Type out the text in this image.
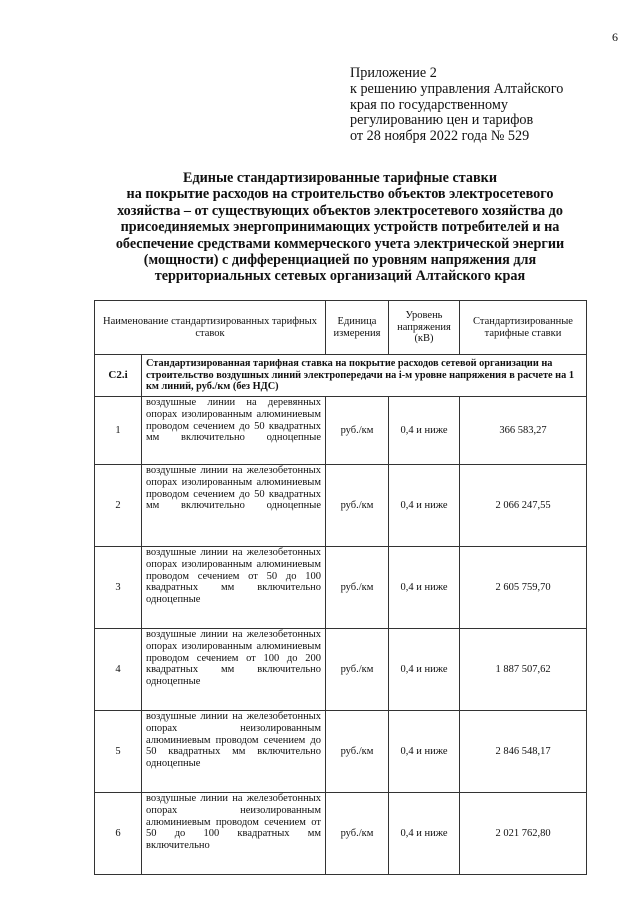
6
Приложение 2
к решению управления Алтайского
края по государственному
регулированию цен и тарифов
от 28 ноября 2022 года № 529
Единые стандартизированные тарифные ставки
на покрытие расходов на строительство объектов электросетевого
хозяйства – от существующих объектов электросетевого хозяйства до
присоединяемых энергопринимающих устройств потребителей и на
обеспечение средствами коммерческого учета электрической энергии
(мощности) с дифференциацией по уровням напряжения для
территориальных сетевых организаций Алтайского края
Наименование стандартизированных тарифных ставок		Единица измерения	Уровень напряжения (кВ)	Стандартизированные тарифные ставки
С2.i	Стандартизированная тарифная ставка на покрытие расходов сетевой организации на строительство воздушных линий электропередачи на i-м уровне напряжения в расчете на 1 км линий, руб./км (без НДС)			
1	воздушные линии на деревянных опорах изолированным алюминиевым проводом сечением до 50 квадратных мм включительно одноцепные	руб./км	0,4 и ниже	366 583,27
2	воздушные линии на железобетонных опорах изолированным алюминиевым проводом сечением до 50 квадратных мм включительно одноцепные	руб./км	0,4 и ниже	2 066 247,55
3	воздушные линии на железобетонных опорах изолированным алюминиевым проводом сечением от 50 до 100 квадратных мм включительно одноцепные	руб./км	0,4 и ниже	2 605 759,70
4	воздушные линии на железобетонных опорах изолированным алюминиевым проводом сечением от 100 до 200 квадратных мм включительно одноцепные	руб./км	0,4 и ниже	1 887 507,62
5	воздушные линии на железобетонных опорах неизолированным алюминиевым проводом сечением до 50 квадратных мм включительно одноцепные	руб./км	0,4 и ниже	2 846 548,17
6	воздушные линии на железобетонных опорах неизолированным алюминиевым проводом сечением от 50 до 100 квадратных мм включительно	руб./км	0,4 и ниже	2 021 762,80
